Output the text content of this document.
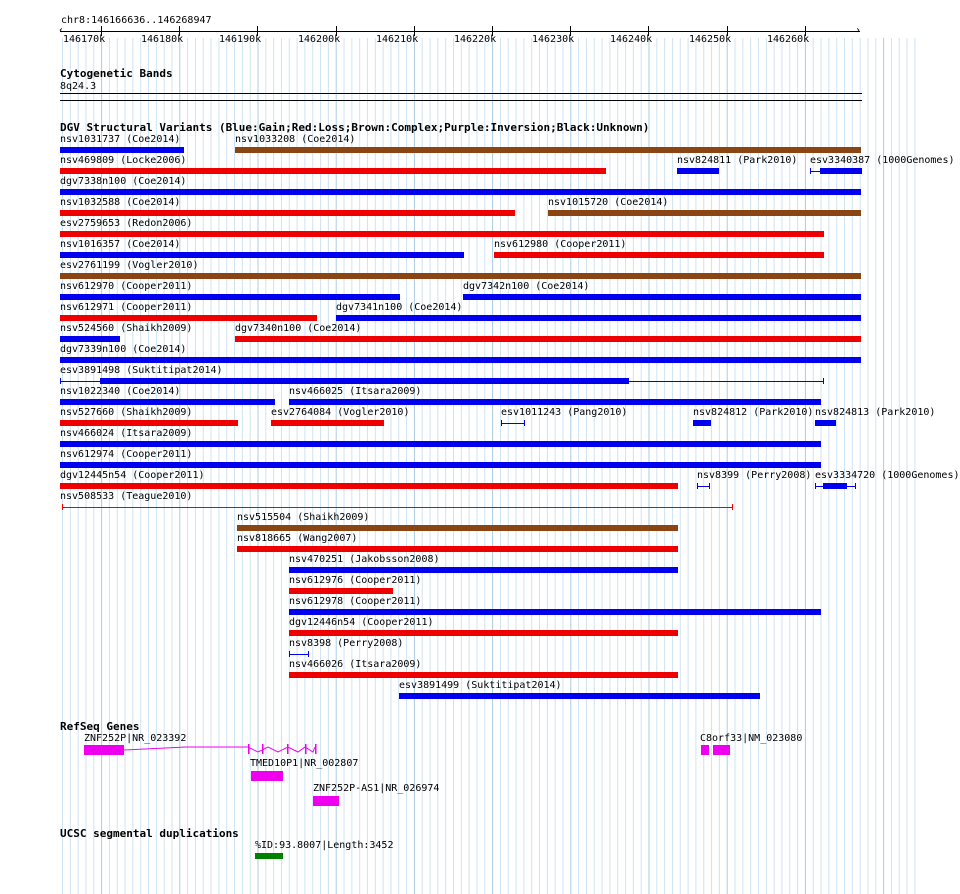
chr8:146166636..146268947
146170k	146180k	146190k	146200k	146210k	146220k	146230k	146240k	146250k	146260k
‹	›
Cytogenetic Bands
8q24.3
DGV Structural Variants (Blue:Gain;Red:Loss;Brown:Complex;Purple:Inversion;Black:Unknown)
nsv1031737 (Coe2014)	nsv1033208 (Coe2014)
nsv469809 (Locke2006)	nsv824811 (Park2010) esv3340387 (1000Genomes)
dgv7338n100 (Coe2014)
nsv1032588 (Coe2014)	nsv1015720 (Coe2014)
esv2759653 (Redon2006)
nsv1016357 (Coe2014)	nsv612980 (Cooper2011)
esv2761199 (Vogler2010)
nsv612970 (Cooper2011)	dgv7342n100 (Coe2014)
nsv612971 (Cooper2011)	dgv7341n100 (Coe2014)
nsv524560 (Shaikh2009)	dgv7340n100 (Coe2014)
dgv7339n100 (Coe2014)
esv3891498 (Suktitipat2014)
nsv1022340 (Coe2014)	nsv466025 (Itsara2009)
nsv527660 (Shaikh2009)	esv2764084 (Vogler2010)	esv1011243 (Pang2010)	nsv824812 (Park2010) nsv824813 (Park2010)
nsv466024 (Itsara2009)
nsv612974 (Cooper2011)
dgv12445n54 (Cooper2011)	nsv8399 (Perry2008) esv3334720 (1000Genomes)
nsv508533 (Teague2010)
nsv515504 (Shaikh2009)
nsv818665 (Wang2007)
nsv470251 (Jakobsson2008)
nsv612976 (Cooper2011)
nsv612978 (Cooper2011)
dgv12446n54 (Cooper2011)
nsv8398 (Perry2008)
nsv466026 (Itsara2009)
esv3891499 (Suktitipat2014)
RefSeq Genes
ZNF252P|NR_023392
TMED10P1|NR_002807
ZNF252P-AS1|NR_026974
C8orf33|NM_023080
UCSC segmental duplications
%ID:93.8007|Length:3452
